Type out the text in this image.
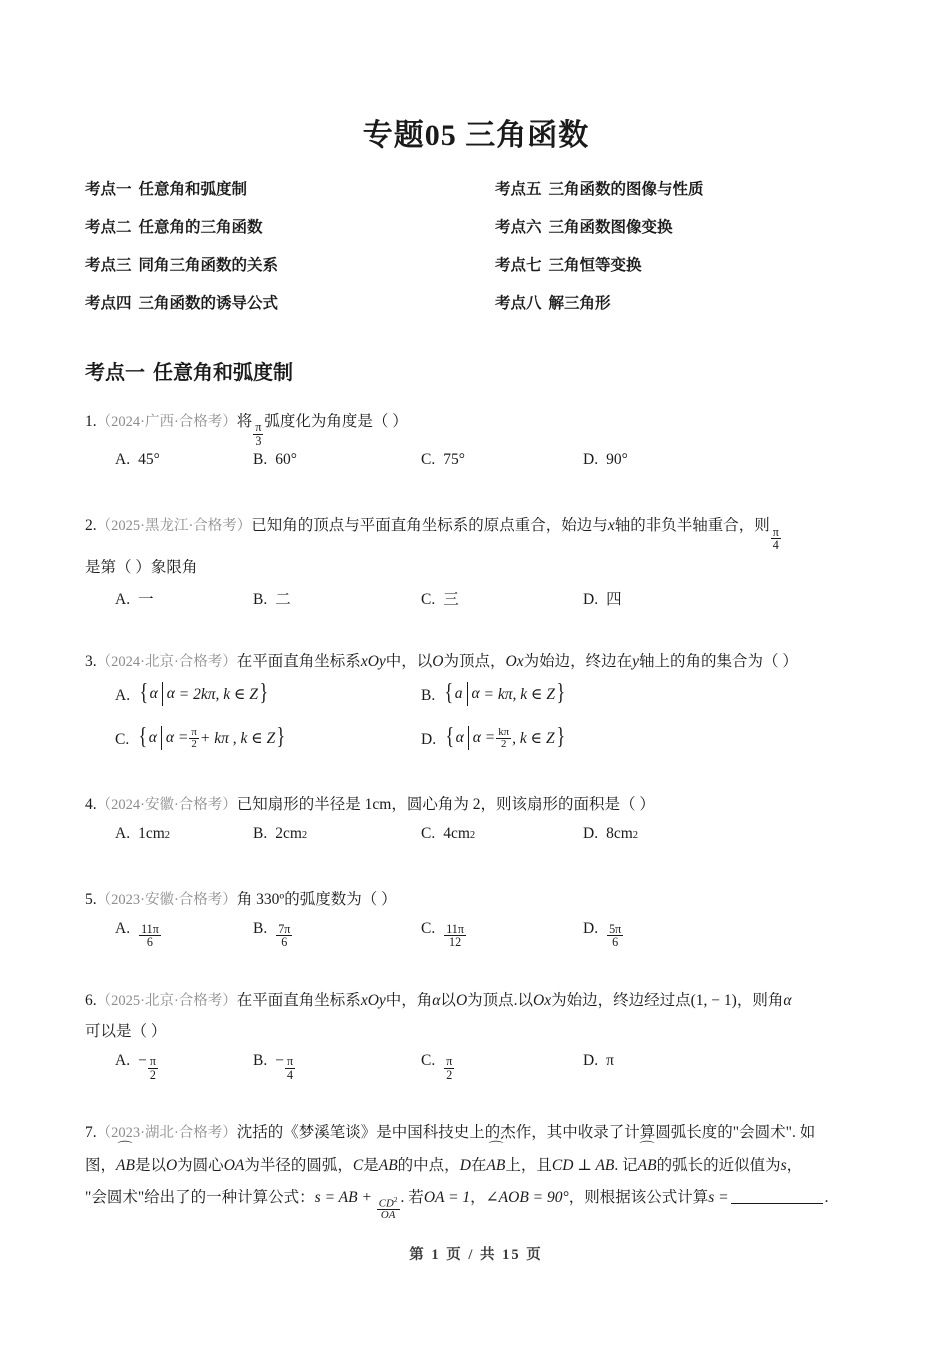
专题05 三角函数
考点一 任意角和弧度制	考点五 三角函数的图像与性质
考点二 任意角的三角函数	考点六 三角函数图像变换
考点三 同角三角函数的关系	考点七 三角恒等变换
考点四 三角函数的诱导公式	考点八 解三角形
考点一 任意角和弧度制
1.（2024·广西·合格考）将
$\frac{\pi}{3}$
弧度化为角度是（ ）
A. 45°	B. 60°	C. 75°	D. 90°
2.（2025·黑龙江·合格考）已知角的顶点与平面直角坐标系的原点重合，始边与x轴的非负半轴重合，则
$\frac{\pi}{4}$

是第（ ）象限角
A. 一	B. 二	C. 三	D. 四
3.（2024·北京·合格考）在平面直角坐标系xOy中，以O为顶点，Ox为始边，终边在y轴上的角的集合为（ ）
A. { α α
= 2kπ, k ∈ Z }	B. { a α
= kπ, k ∈ Z }
C. { α α
= $\frac{\pi}{2} + k\pi$ , k ∈ Z }	D. { α α
= $\frac{k\pi}{2}$ , k ∈ Z }
4.（2024·安徽·合格考）已知扇形的半径是 1cm，圆心角为 2，则该扇形的面积是（ ）
A. 1cm 2	B. 2cm 2	C. 4cm 2	D. 8cm 2
5.（2023·安徽·合格考）角 330º的弧度数为（ ）
A. $\frac{11\pi}{6}$	B. $\frac{7\pi}{6}$	C. $\frac{11\pi}{12}$	D. $\frac{5\pi}{6}$
6.（2025·北京·合格考）在平面直角坐标系xOy中，角α以O为顶点.以Ox为始边，终边经过点(1, − 1)，则角α
可以是（ ）
A. − $\frac{\pi}{2}$	B. − $\frac{\pi}{4}$	C. $\frac{\pi}{2}$	D. π
7.（2023·湖北·合格考）沈括的《梦溪笔谈》是中国科技史上的杰作，其中收录了计算圆弧长度的"会圆术". 如
图，⌒ AB是以O为圆心OA为半径的圆弧，C是AB的中点，D在⌒ AB上，且CD ⊥ AB. 记⌒ AB的弧长的近似值为s，
"会圆术"给出了的一种计算公式：s = AB + $\frac{CD^2}{OA}$ . 若OA = 1，∠AOB = 90°，则根据该公式计算s =	.
第 1 页 / 共 15 页
